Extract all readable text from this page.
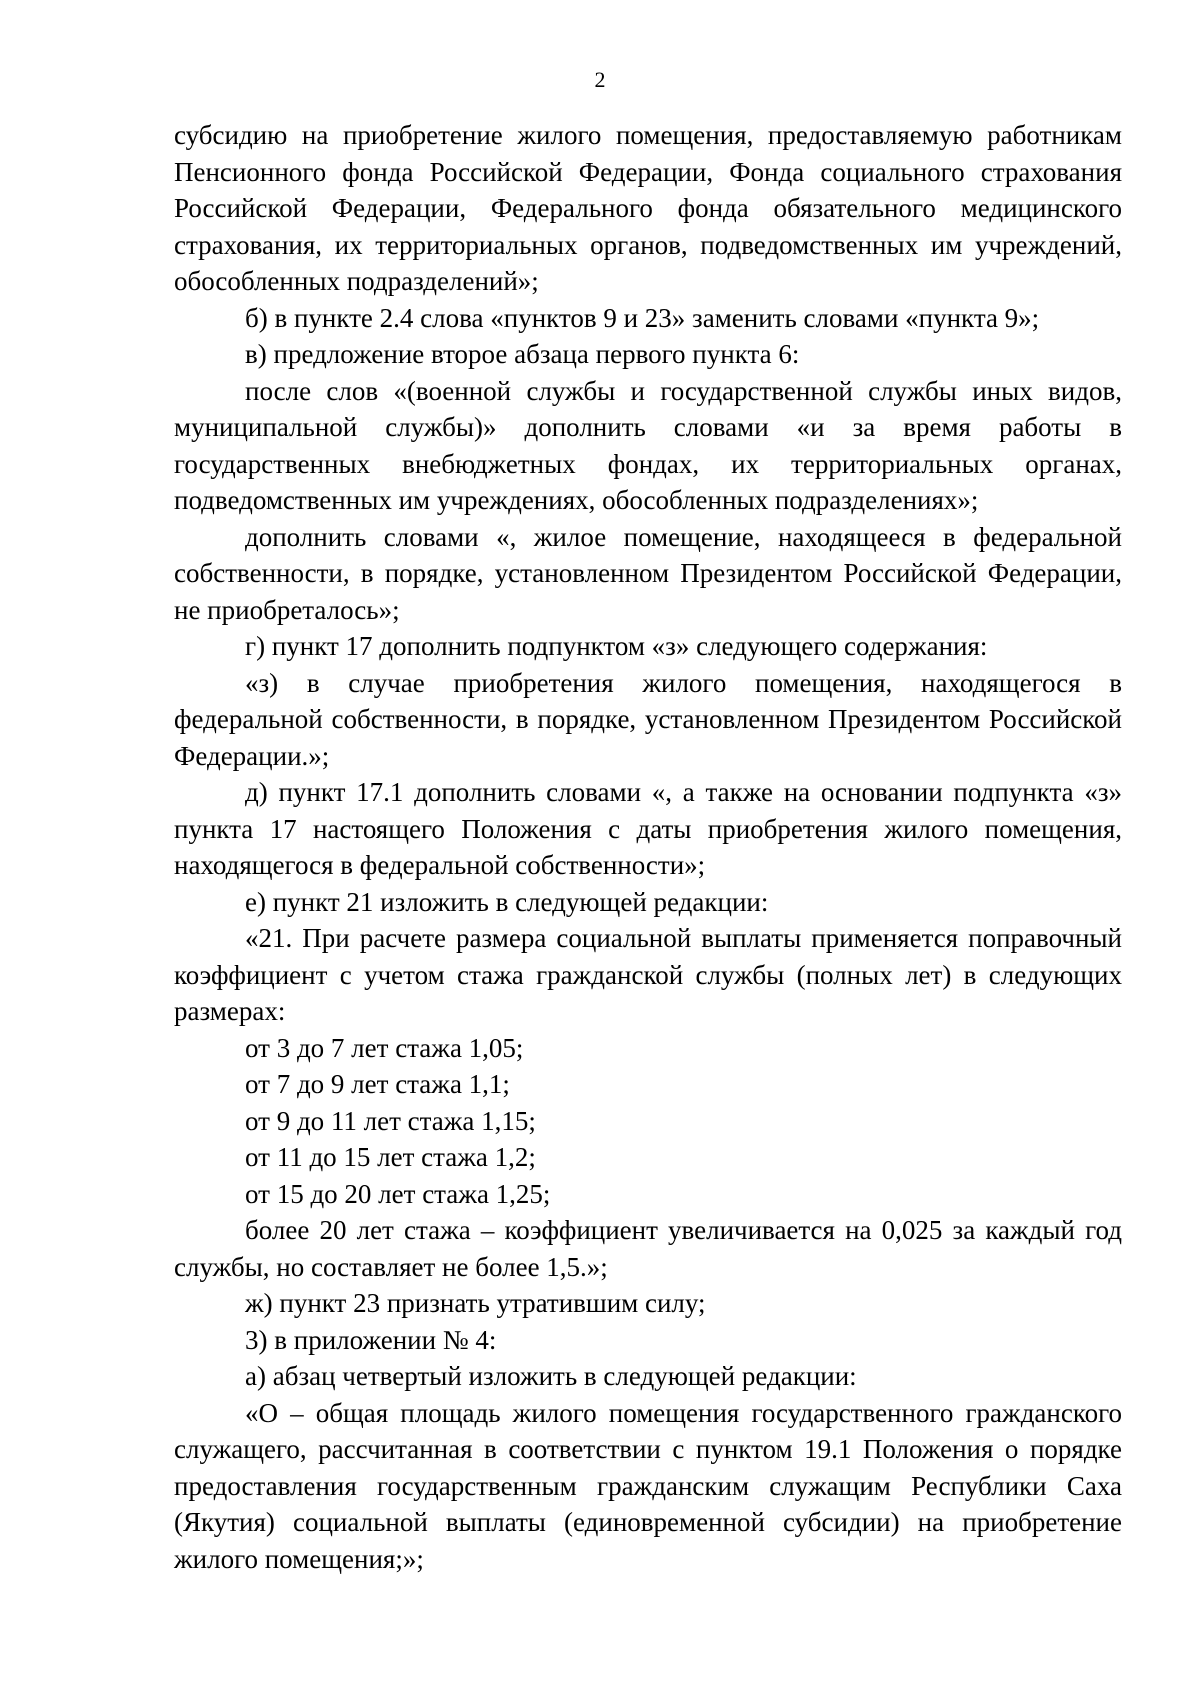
2

субсидию на приобретение жилого помещения, предоставляемую работникам Пенсионного фонда Российской Федерации, Фонда социального страхования Российской Федерации, Федерального фонда обязательного медицинского страхования, их территориальных органов, подведомственных им учреждений, обособленных подразделений»;

б) в пункте 2.4 слова «пунктов 9 и 23» заменить словами «пункта 9»;

в) предложение второе абзаца первого пункта 6:

после слов «(военной службы и государственной службы иных видов, муниципальной службы)» дополнить словами «и за время работы в государственных внебюджетных фондах, их территориальных органах, подведомственных им учреждениях, обособленных подразделениях»;

дополнить словами «, жилое помещение, находящееся в федеральной собственности, в порядке, установленном Президентом Российской Федерации, не приобреталось»;

г) пункт 17 дополнить подпунктом «з» следующего содержания:

«з) в случае приобретения жилого помещения, находящегося в федеральной собственности, в порядке, установленном Президентом Российской Федерации.»;

д) пункт 17.1 дополнить словами «, а также на основании подпункта «з» пункта 17 настоящего Положения с даты приобретения жилого помещения, находящегося в федеральной собственности»;

е) пункт 21 изложить в следующей редакции:

«21. При расчете размера социальной выплаты применяется поправочный коэффициент с учетом стажа гражданской службы (полных лет) в следующих размерах:

от 3 до 7 лет стажа 1,05;

от 7 до 9 лет стажа 1,1;

от 9 до 11 лет стажа 1,15;

от 11 до 15 лет стажа 1,2;

от 15 до 20 лет стажа 1,25;

более 20 лет стажа – коэффициент увеличивается на 0,025 за каждый год службы, но составляет не более 1,5.»;

ж) пункт 23 признать утратившим силу;

3) в приложении № 4:

а) абзац четвертый изложить в следующей редакции:

«О – общая площадь жилого помещения государственного гражданского служащего, рассчитанная в соответствии с пунктом 19.1 Положения о порядке предоставления государственным гражданским служащим Республики Саха (Якутия) социальной выплаты (единовременной субсидии) на приобретение жилого помещения;»;
